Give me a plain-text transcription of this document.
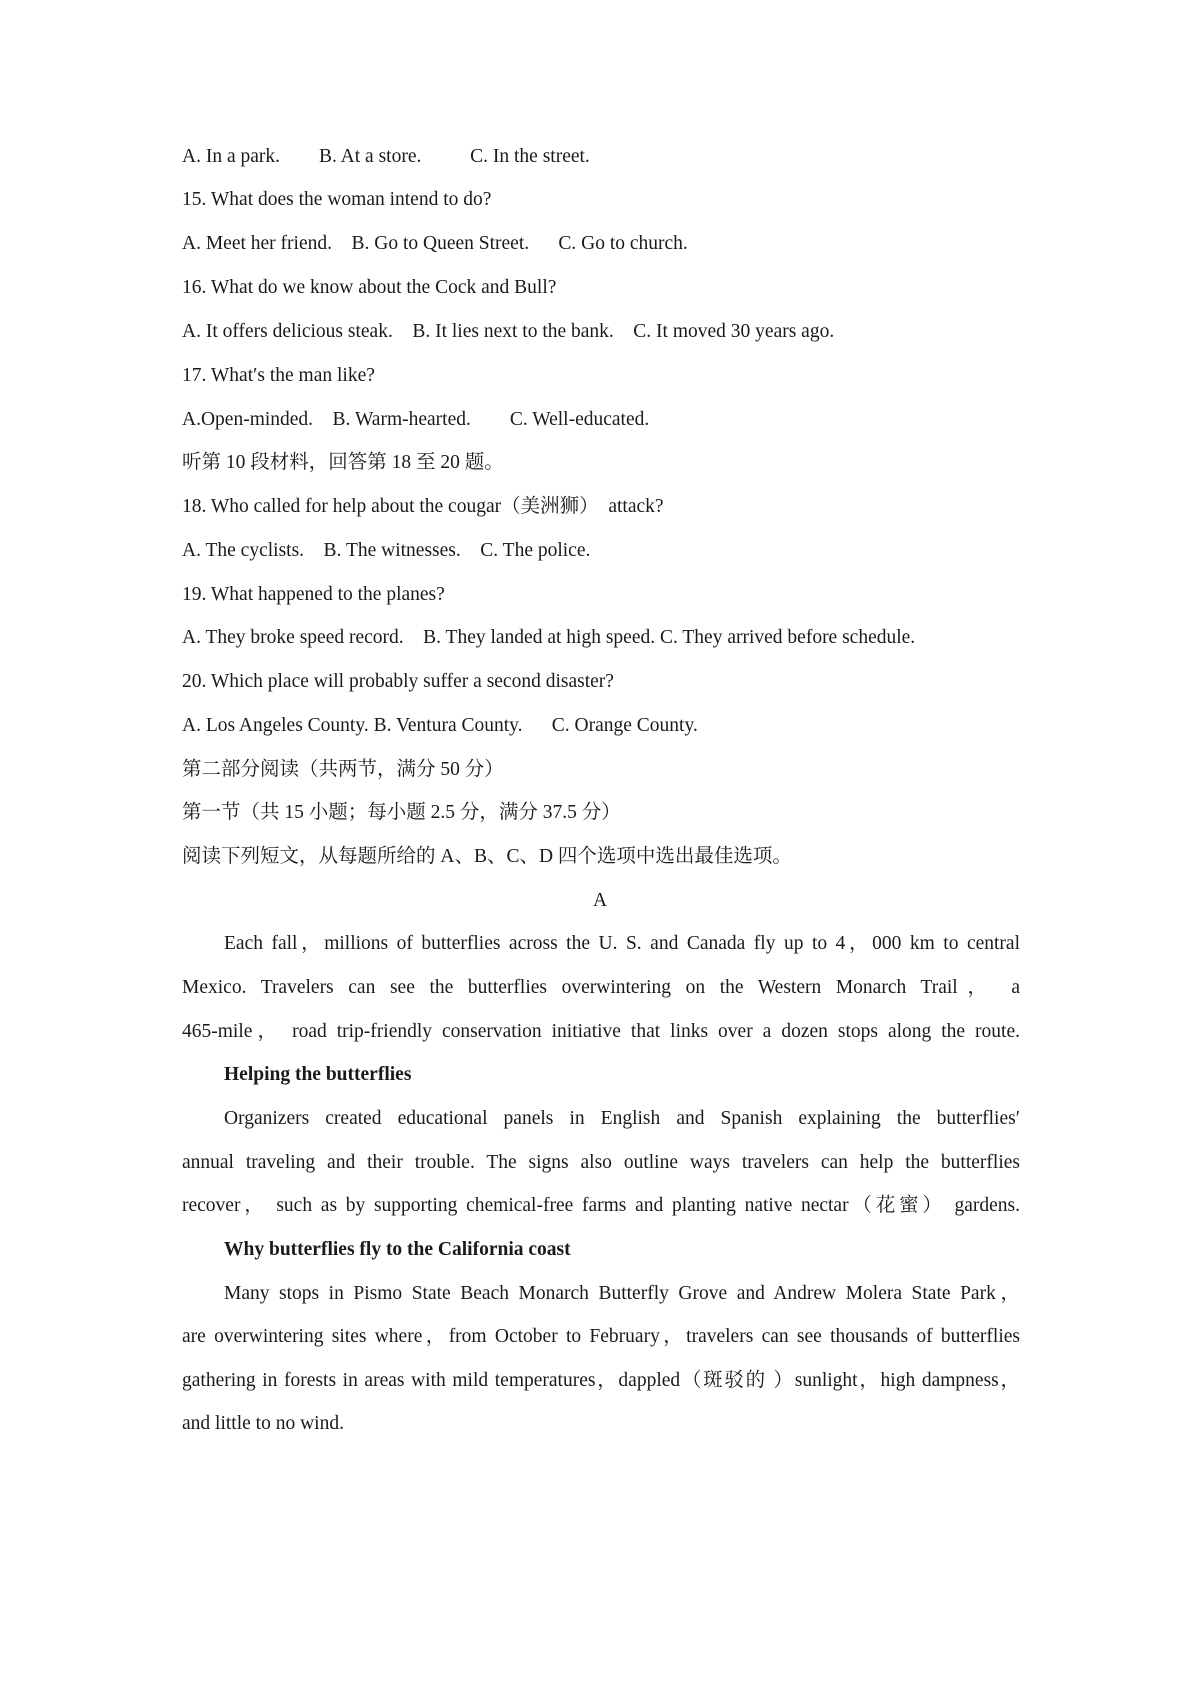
A. In a park.        B. At a store.          C. In the street.
15. What does the woman intend to do?
A. Meet her friend.    B. Go to Queen Street.      C. Go to church.
16. What do we know about the Cock and Bull?
A. It offers delicious steak.    B. It lies next to the bank.    C. It moved 30 years ago.
17. What′s the man like?
A.Open-minded.    B. Warm-hearted.        C. Well-educated.
听第 10 段材料，回答第 18 至 20 题。
18. Who called for help about the cougar（美洲狮）  attack?
A. The cyclists.    B. The witnesses.    C. The police.
19. What happened to the planes?
A. They broke speed record.    B. They landed at high speed. C. They arrived before schedule.
20. Which place will probably suffer a second disaster?
A. Los Angeles County. B. Ventura County.      C. Orange County.
第二部分阅读（共两节，满分 50 分）
第一节（共 15 小题；每小题 2.5 分，满分 37.5 分）
阅读下列短文，从每题所给的 A、B、C、D 四个选项中选出最佳选项。
A
Each fall，millions of butterflies across the U. S. and Canada fly up to 4，000 km to central
Mexico. Travelers can see the butterflies overwintering on the Western Monarch Trail， a
465-mile， road trip-friendly conservation initiative that links over a dozen stops along the route.
Helping the butterflies
Organizers created educational panels in English and Spanish explaining the butterflies′
annual traveling and their trouble. The signs also outline ways travelers can help the butterflies
recover， such as by supporting chemical-free farms and planting native nectar（花蜜） gardens.
Why butterflies fly to the California coast
Many stops in Pismo State Beach Monarch Butterfly Grove and Andrew Molera State Park，
are overwintering sites where，from October to February，travelers can see thousands of butterflies
gathering in forests in areas with mild temperatures，dappled（斑驳的 ）sunlight，high dampness，
and little to no wind.
